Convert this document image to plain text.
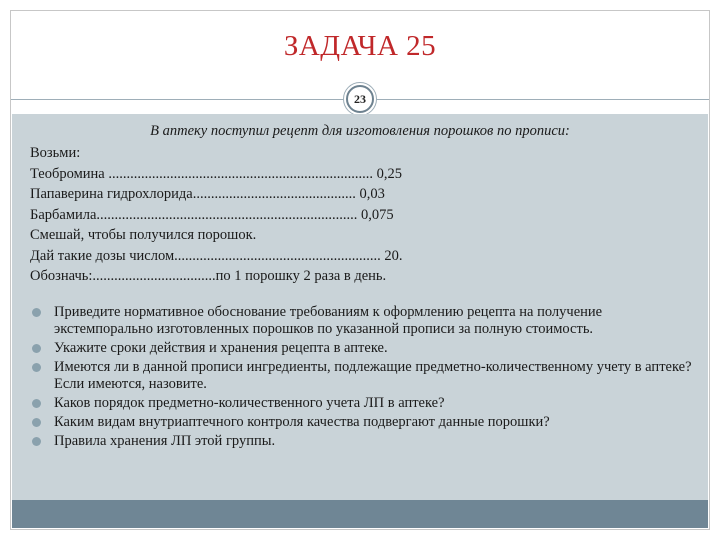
ЗАДАЧА 25
23
В аптеку поступил рецепт для изготовления порошков по прописи:
Возьми:
Теобромина ......................................................................... 0,25
Папаверина гидрохлорида............................................. 0,03
Барбамила........................................................................ 0,075
Смешай, чтобы получился порошок.
Дай такие дозы числом......................................................... 20.
Обозначь:..................................по 1 порошку 2 раза в день.
Приведите нормативное обоснование требованиям к оформлению рецепта на получение экстемпорально изготовленных порошков по указанной прописи за полную стоимость.
Укажите сроки действия и хранения рецепта в аптеке.
Имеются ли в данной прописи ингредиенты, подлежащие предметно-количественному учету в аптеке? Если имеются, назовите.
Каков порядок предметно-количественного учета ЛП в аптеке?
Каким видам внутриаптечного контроля качества подвергают данные порошки?
Правила хранения ЛП этой группы.
